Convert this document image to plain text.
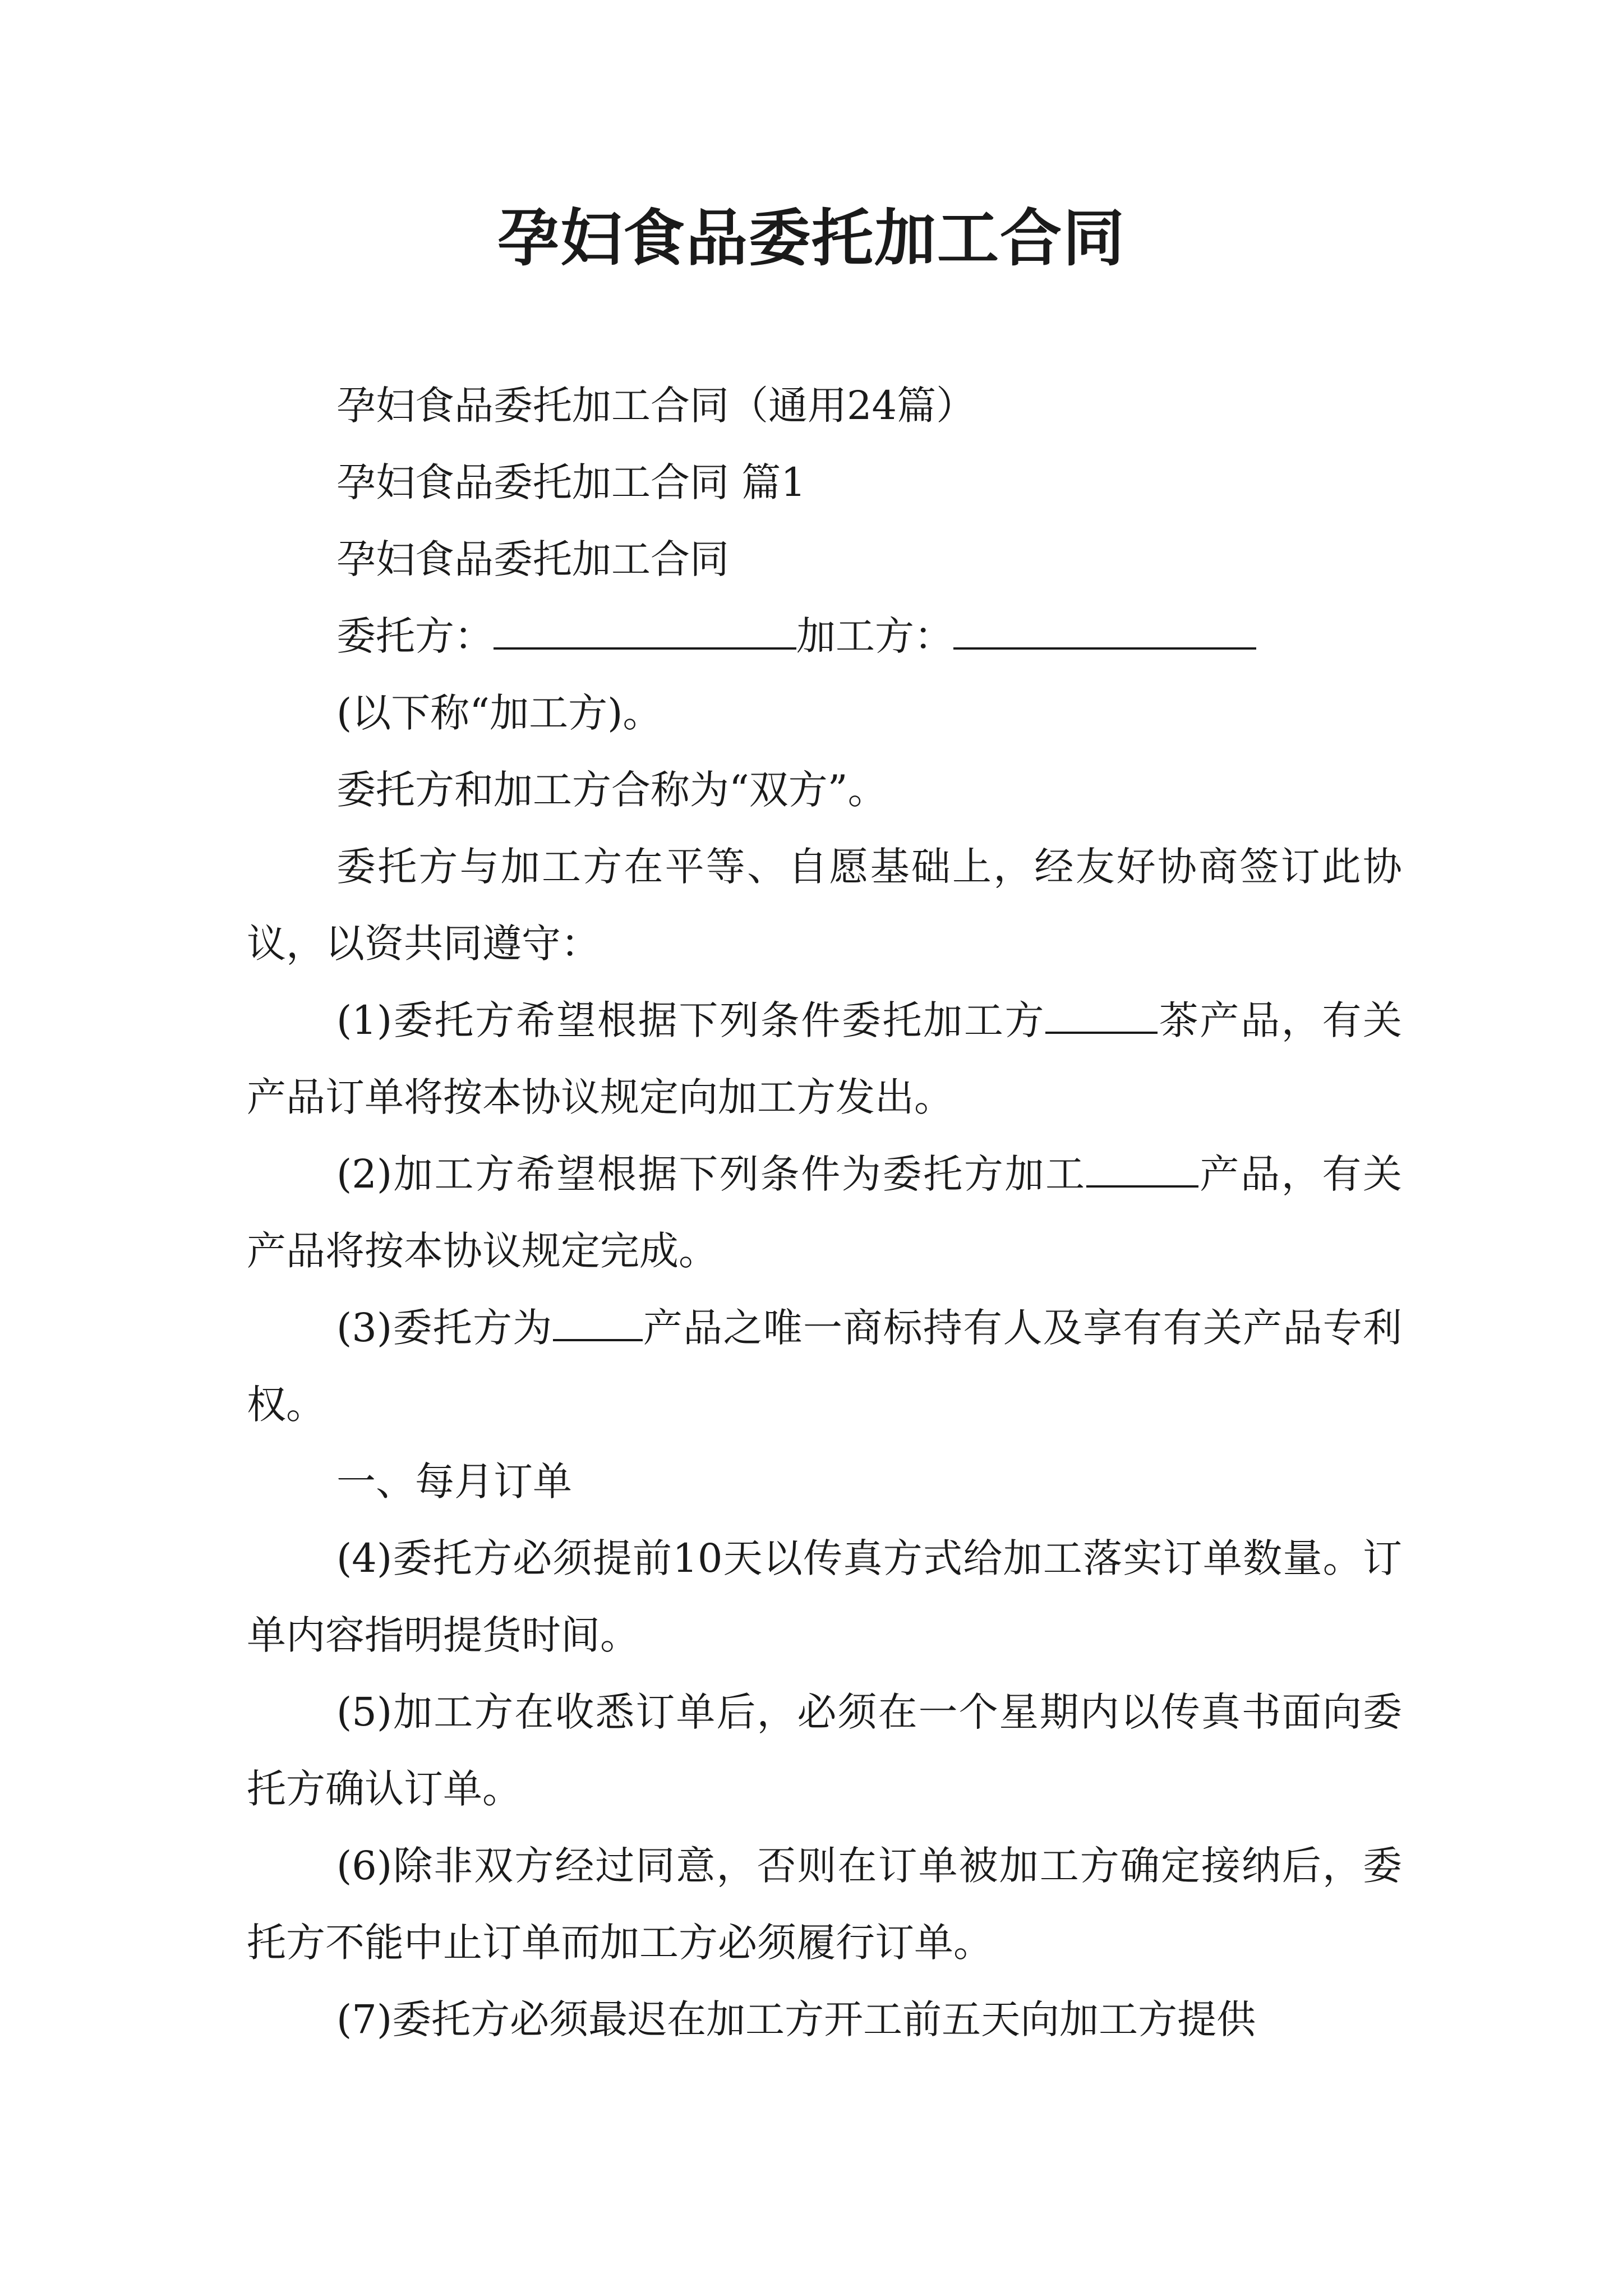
孕妇食品委托加工合同

孕妇食品委托加工合同（通用24篇）

孕妇食品委托加工合同 篇1

孕妇食品委托加工合同

委托方：	加工方：

(以下称“加工方)。

委托方和加工方合称为“双方”。

委托方与加工方在平等、自愿基础上，经友好协商签订此协议，以资共同遵守：

(1)委托方希望根据下列条件委托加工方	茶产品，有关产品订单将按本协议规定向加工方发出。

(2)加工方希望根据下列条件为委托方加工	产品，有关产品将按本协议规定完成。

(3)委托方为 产品之唯一商标持有人及享有有关产品专利权。

一、每月订单

(4)委托方必须提前10天以传真方式给加工落实订单数量。订单内容指明提货时间。

(5)加工方在收悉订单后，必须在一个星期内以传真书面向委托方确认订单。

(6)除非双方经过同意，否则在订单被加工方确定接纳后，委托方不能中止订单而加工方必须履行订单。

(7)委托方必须最迟在加工方开工前五天向加工方提供
